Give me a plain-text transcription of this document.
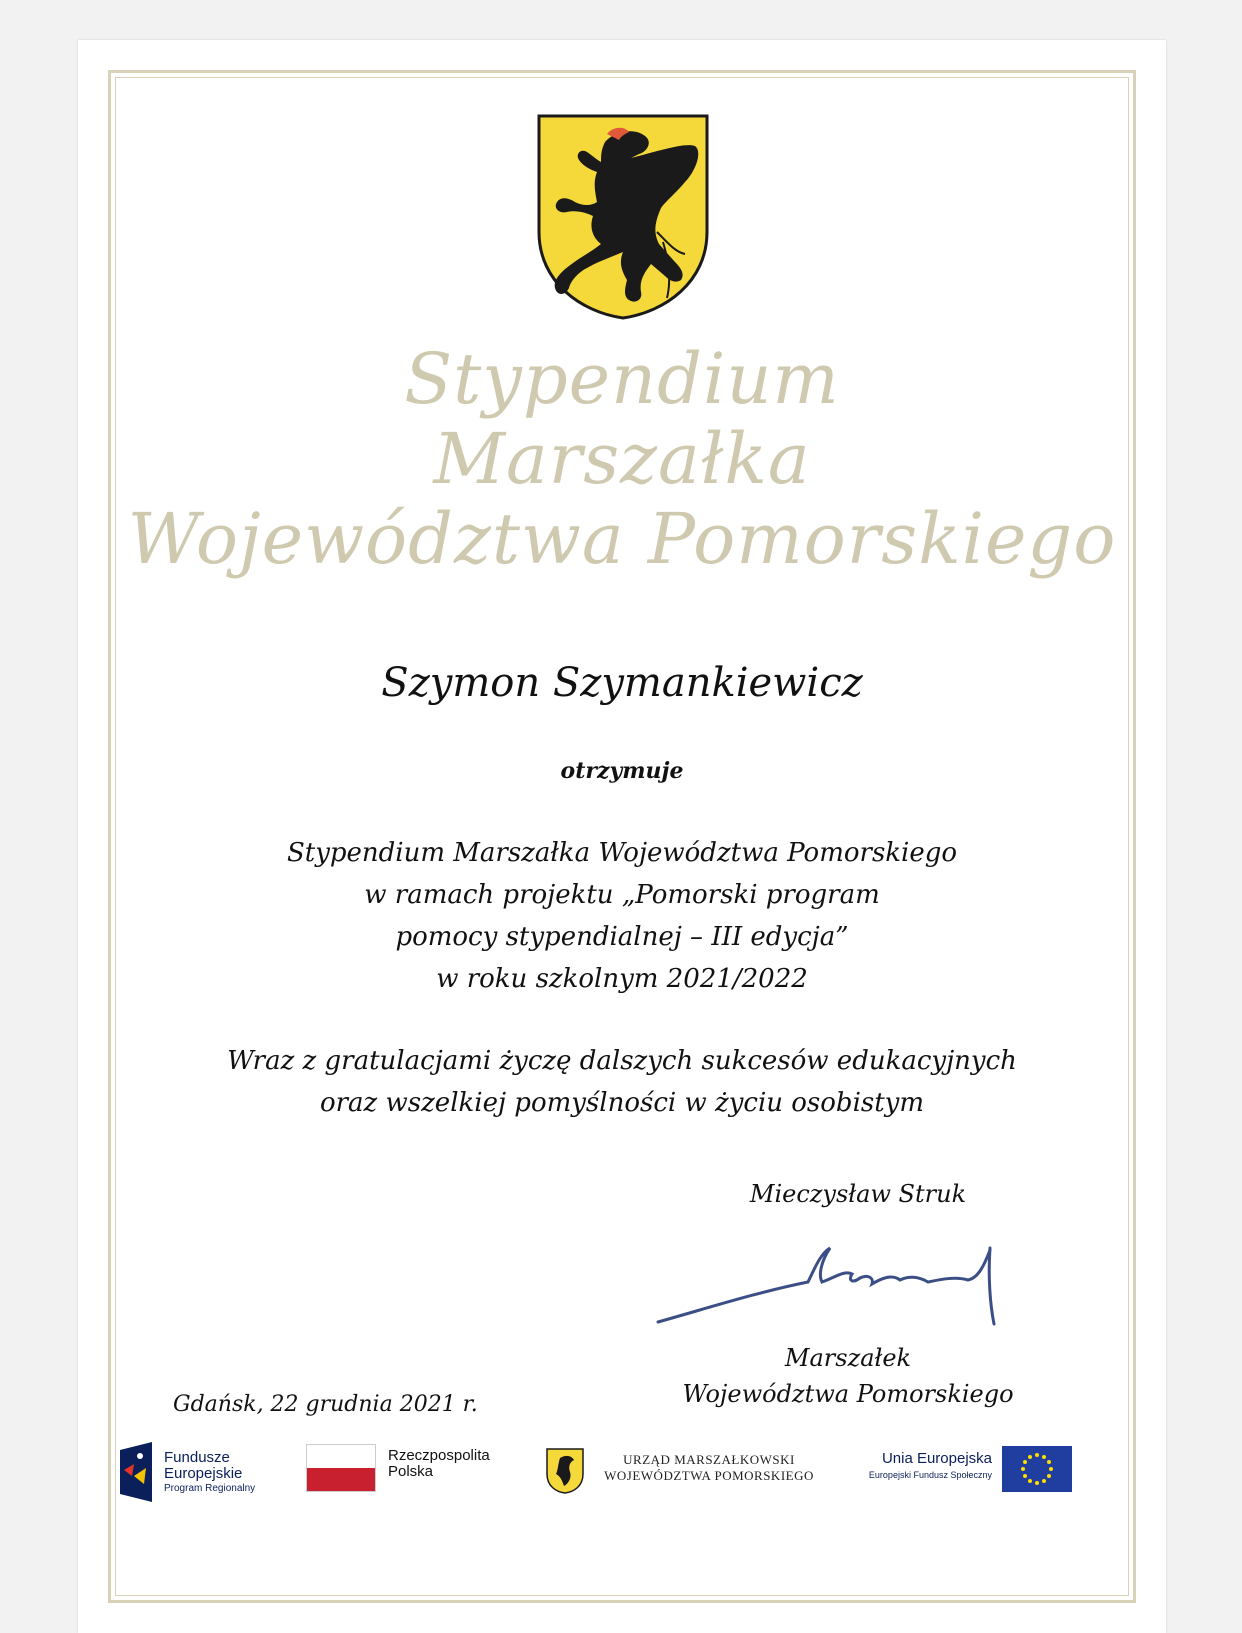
Stypendium
Marszałka
Województwa Pomorskiego
Szymon Szymankiewicz
otrzymuje
Stypendium Marszałka Województwa Pomorskiego
w ramach projektu „Pomorski program
pomocy stypendialnej – III edycja”
w roku szkolnym 2021/2022
Wraz z gratulacjami życzę dalszych sukcesów edukacyjnych
oraz wszelkiej pomyślności w życiu osobistym
Mieczysław Struk
Marszałek
Województwa Pomorskiego
Gdańsk, 22 grudnia 2021 r.
Fundusze
Europejskie
Program Regionalny
Rzeczpospolita
Polska
URZĄD MARSZAŁKOWSKI
WOJEWÓDZTWA POMORSKIEGO
Unia Europejska
Europejski Fundusz Społeczny
